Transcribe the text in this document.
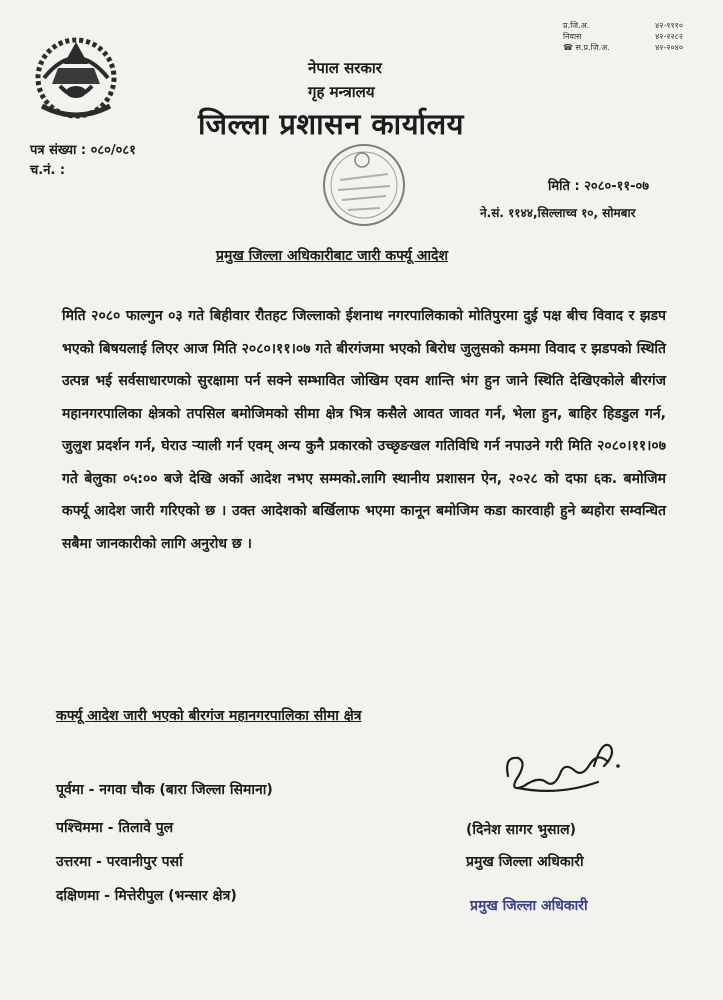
प्र.जि.अ.	४२-१११०
निवास	४२-२२८२
☎ स.प्र.जि.अ.	४२-२०४०
नेपाल सरकार
गृह मन्त्रालय
जिल्ला प्रशासन कार्यालय
पत्र संख्या : ०८०/०८१
च.नं. :
मिति : २०८०-११-०७
ने.सं. ११४४,सिल्लाच्व १०, सोमबार
प्रमुख जिल्ला अधिकारीबाट जारी कर्फ्यू आदेश
मिति २०८० फाल्गुन ०३ गते बिहीवार रौतहट जिल्लाको ईशनाथ नगरपालिकाको मोतिपुरमा दुई पक्ष बीच विवाद र झडप भएको बिषयलाई लिएर आज मिति २०८०।११।०७ गते बीरगंजमा भएको बिरोध जुलुसको कममा विवाद र झडपको स्थिति उत्पन्न भई सर्वसाधारणको सुरक्षामा पर्न सक्ने सम्भावित जोखिम एवम शान्ति भंग हुन जाने स्थिति देखिएकोले बीरगंज महानगरपालिका क्षेत्रको तपसिल बमोजिमको सीमा क्षेत्र भित्र कसैले आवत जावत गर्न, भेला हुन, बाहिर हिडडुल गर्न, जुलुश प्रदर्शन गर्न, घेराउ र्‍याली गर्न एवम् अन्य कुनै प्रकारको उच्छृङखल गतिविधि गर्न नपाउने गरी मिति २०८०।११।०७ गते बेलुका ०५:०० बजे देखि अर्को आदेश नभए सम्मको.लागि स्थानीय प्रशासन ऐन, २०२८ को दफा ६क. बमोजिम कर्फ्यू आदेश जारी गरिएको छ । उक्त आदेशको बर्खिलाफ भएमा कानून बमोजिम कडा कारवाही हुने ब्यहोरा सम्वन्धित सबैमा जानकारीको लागि अनुरोध छ ।
कर्फ्यू आदेश जारी भएको बीरगंज महानगरपालिका सीमा क्षेत्र
पूर्वमा - नगवा चौक (बारा जिल्ला सिमाना)
पश्चिममा - तिलावे पुल
उत्तरमा - परवानीपुर पर्सा
दक्षिणमा - मित्तेरीपुल (भन्सार क्षेत्र)
(दिनेश सागर भुसाल)
प्रमुख जिल्ला अधिकारी
प्रमुख जिल्ला अधिकारी
